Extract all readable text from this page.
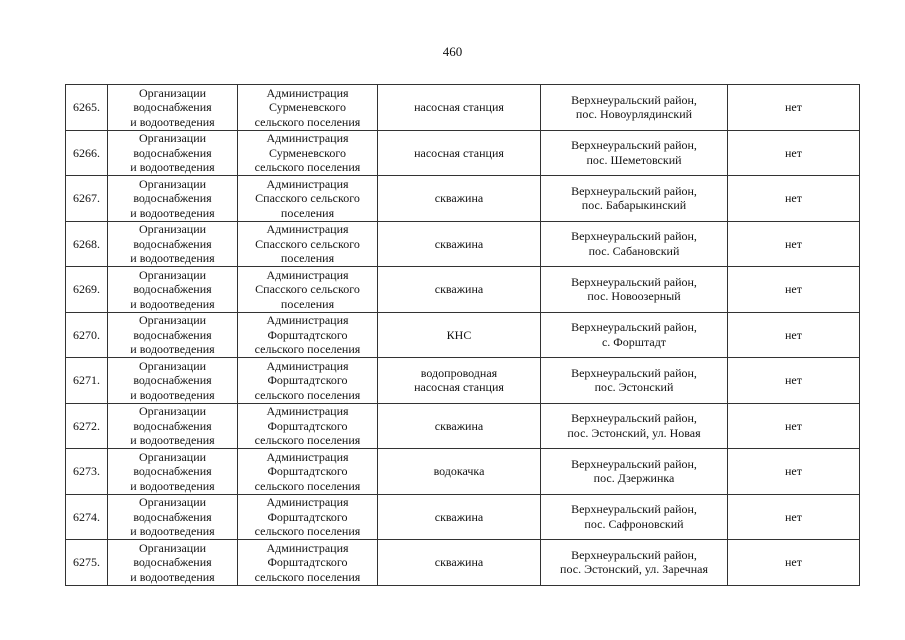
460
6265.	Организации
водоснабжения
и водоотведения	Администрация
Сурменевского
сельского поселения	насосная станция	Верхнеуральский район,
пос. Новоурлядинский	нет
6266.	Организации
водоснабжения
и водоотведения	Администрация
Сурменевского
сельского поселения	насосная станция	Верхнеуральский район,
пос. Шеметовский	нет
6267.	Организации
водоснабжения
и водоотведения	Администрация
Спасского сельского
поселения	скважина	Верхнеуральский район,
пос. Бабарыкинский	нет
6268.	Организации
водоснабжения
и водоотведения	Администрация
Спасского сельского
поселения	скважина	Верхнеуральский район,
пос. Сабановский	нет
6269.	Организации
водоснабжения
и водоотведения	Администрация
Спасского сельского
поселения	скважина	Верхнеуральский район,
пос. Новоозерный	нет
6270.	Организации
водоснабжения
и водоотведения	Администрация
Форштадтского
сельского поселения	КНС	Верхнеуральский район,
с. Форштадт	нет
6271.	Организации
водоснабжения
и водоотведения	Администрация
Форштадтского
сельского поселения	водопроводная
насосная станция	Верхнеуральский район,
пос. Эстонский	нет
6272.	Организации
водоснабжения
и водоотведения	Администрация
Форштадтского
сельского поселения	скважина	Верхнеуральский район,
пос. Эстонский, ул. Новая	нет
6273.	Организации
водоснабжения
и водоотведения	Администрация
Форштадтского
сельского поселения	водокачка	Верхнеуральский район,
пос. Дзержинка	нет
6274.	Организации
водоснабжения
и водоотведения	Администрация
Форштадтского
сельского поселения	скважина	Верхнеуральский район,
пос. Сафроновский	нет
6275.	Организации
водоснабжения
и водоотведения	Администрация
Форштадтского
сельского поселения	скважина	Верхнеуральский район,
пос. Эстонский, ул. Заречная	нет
